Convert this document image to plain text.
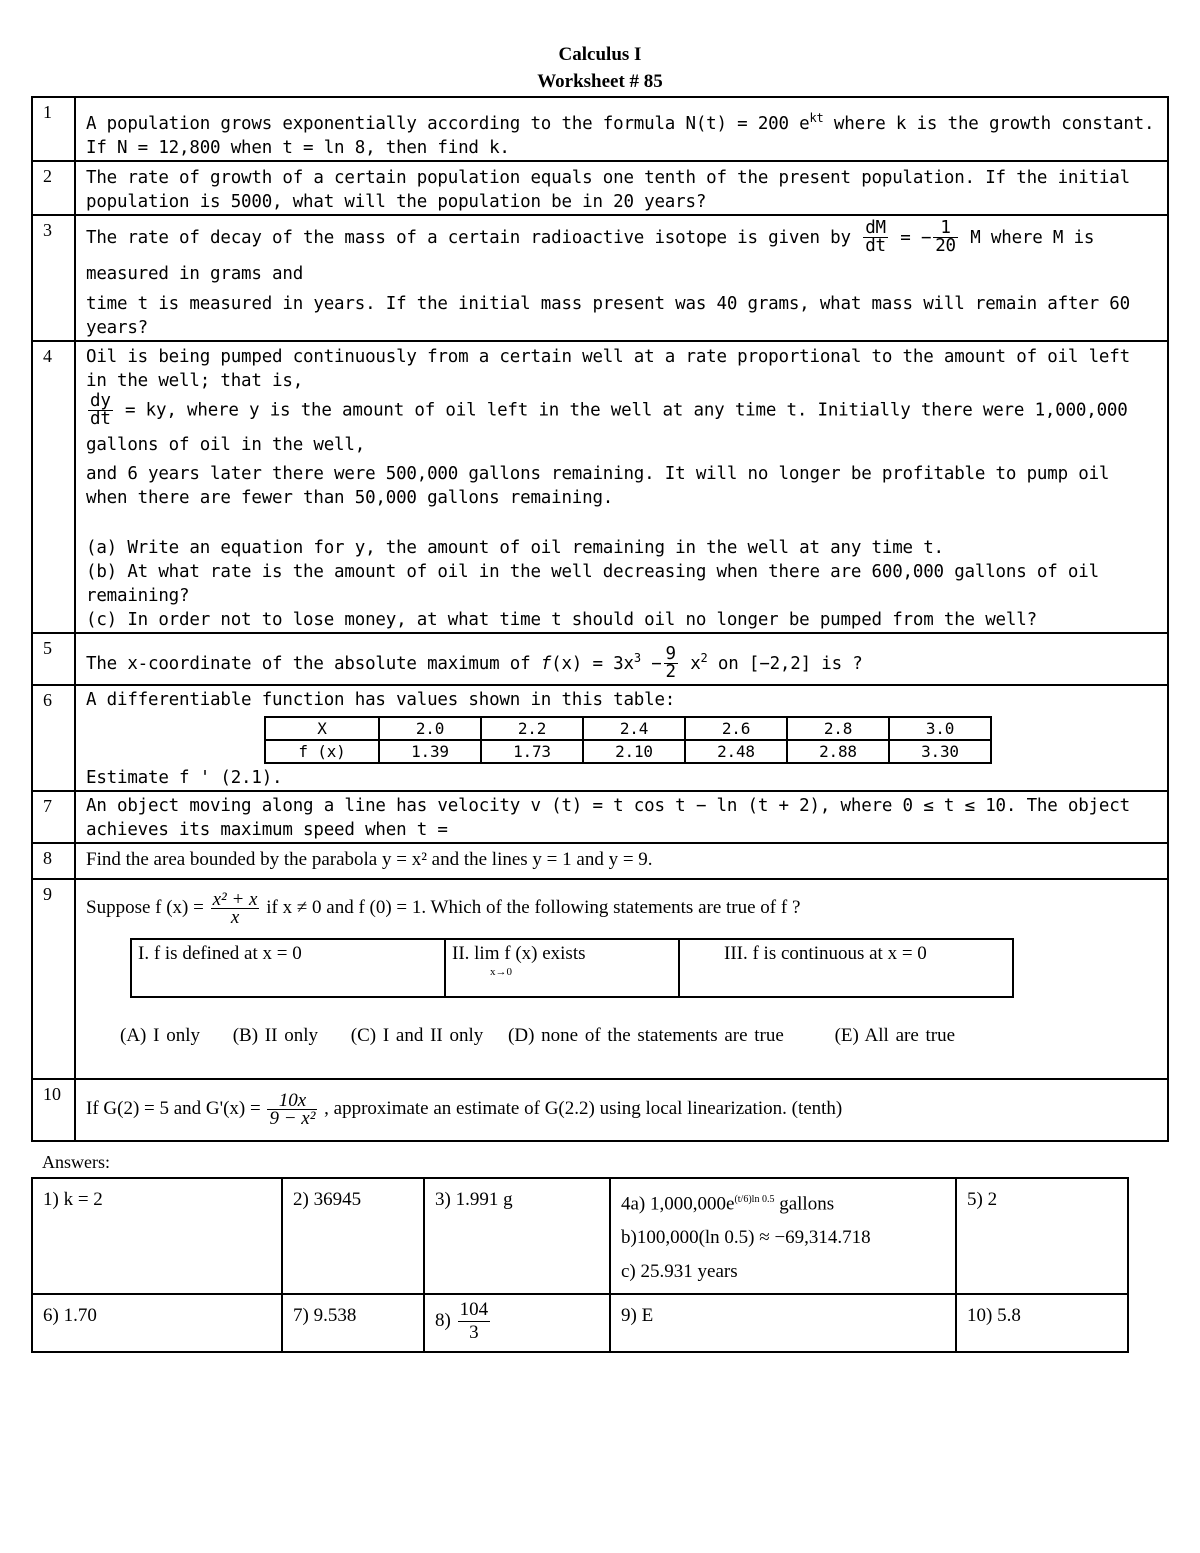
Calculus I
Worksheet # 85
1	A population grows exponentially according to the formula N(t) = 200 $e^{kt}$ where k is the growth constant.
If N = 12,800 when t = ln 8, then find k.
2	The rate of growth of a certain population equals one tenth of the present population. If the initial population is 5000, what will the population be in 20 years?
3	The rate of decay of the mass of a certain radioactive isotope is given by $\frac{dM}{dt}$ = − $\frac{1}{20}$ M where M is measured in grams and
time t is measured in years. If the initial mass present was 40 grams, what mass will remain after 60 years?
4	Oil is being pumped continuously from a certain well at a rate proportional to the amount of oil left in the well; that is,

$\frac{dy}{dt}$ = ky, where y is the amount of oil left in the well at any time t. Initially there were 1,000,000 gallons of oil in the well,
and 6 years later there were 500,000 gallons remaining. It will no longer be profitable to pump oil when there are fewer than 50,000 gallons remaining.
(a) Write an equation for y, the amount of oil remaining in the well at any time t.
(b) At what rate is the amount of oil in the well decreasing when there are 600,000 gallons of oil remaining?
(c) In order not to lose money, at what time t should oil no longer be pumped from the well?

5	The x-coordinate of the absolute maximum of $f(x) = 3x^3 - \frac{9}{2} x^2$ on [−2,2] is ?
6	A differentiable function has values shown in this table:
X	2.0	2.2	2.4	2.6	2.8	3.0
f (x)	1.39	1.73	2.10	2.48	2.88	3.30
Estimate f ' (2.1).

7	An object moving along a line has velocity v (t) = t cos t − ln (t + 2), where 0 ≤ t ≤ 10. The object achieves its maximum speed when t =
8	Find the area bounded by the parabola y = x² and the lines y = 1 and y = 9.
9	
Suppose f $(x) = \frac{\text{x² + x}}{x}$ if x ≠ 0 and f (0) = 1. Which of the following statements are true of f ?
I. f is defined at x = 0	II. lim f (x) exists
x→0
	III. f is continuous at x = 0
(A) I only (B) II only (C) I and II only (D) none of the statements are true	(E) All are true

10	
If G(2) = 5 and $G'(x) = \frac{10x}{\text{9 − x²}}$ , approximate an estimate of G(2.2) using local linearization. (tenth)
Answers:
1) k = 2	2) 36945	3) 1.991 g	4a) $1,000,000e^{(t/6)ln 0.5}$ gallons
b)100,000(ln 0.5) ≈ −69,314.718
c) 25.931 years	5) 2
6) 1.70	7) 9.538	$8) \frac{104}{3}$	9) E	10) 5.8
